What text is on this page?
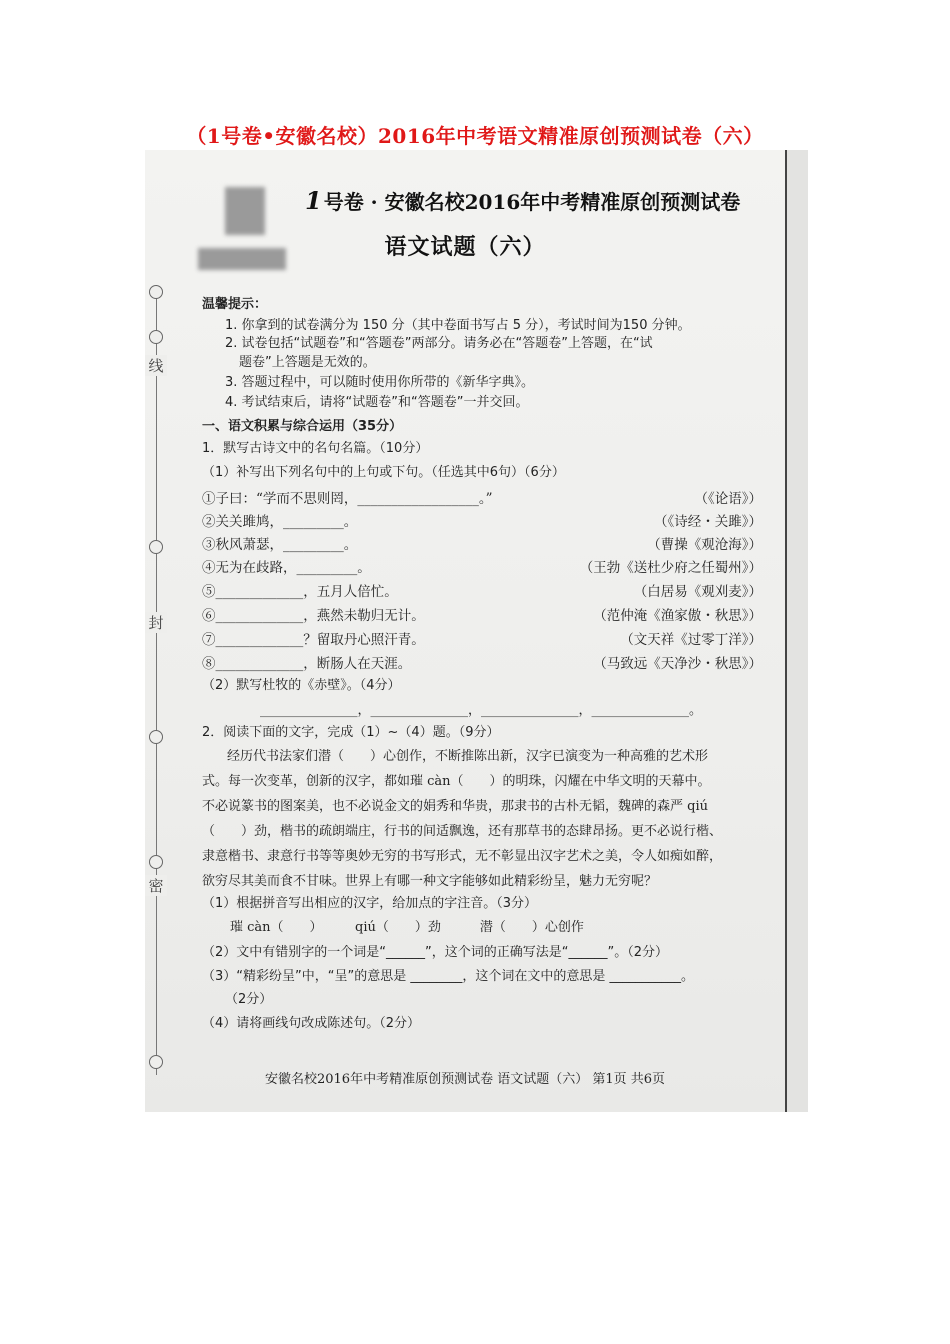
（1号卷•安徽名校）2016年中考语文精准原创预测试卷（六）
线
封
密
1 号卷 · 安徽名校2016年中考精准原创预测试卷
语文试题（六）
温馨提示：
1. 你拿到的试卷满分为 150 分（其中卷面书写占 5 分），考试时间为150 分钟。
2. 试卷包括“试题卷”和“答题卷”两部分。请务必在“答题卷”上答题，在“试
题卷”上答题是无效的。
3. 答题过程中，可以随时使用你所带的《新华字典》。
4. 考试结束后，请将“试题卷”和“答题卷”一并交回。
一、语文积累与综合运用（35分）
1．默写古诗文中的名句名篇。（10分）
（1）补写出下列名句中的上句或下句。（任选其中6句）（6分）
①子曰：“学而不思则罔，__________________。”	（《论语》）
②关关雎鸠，_________。	（《诗经・关雎》）
③秋风萧瑟，_________。	（曹操《观沧海》）
④无为在歧路，_________。	（王勃《送杜少府之任蜀州》）
⑤_____________，五月人倍忙。	（白居易《观刈麦》）
⑥_____________，燕然未勒归无计。	（范仲淹《渔家傲・秋思》）
⑦_____________？留取丹心照汗青。	（文天祥《过零丁洋》）
⑧_____________，断肠人在天涯。	（马致远《天净沙・秋思》）
（2）默写杜牧的《赤壁》。（4分）
_______________，_______________，_______________，_______________。
2．阅读下面的文字，完成（1）~（4）题。（9分）
经历代书法家们潜（　　）心创作，不断推陈出新，汉字已演变为一种高雅的艺术形
式。每一次变革，创新的汉字，都如璀 càn（　　）的明珠，闪耀在中华文明的天幕中。
不必说篆书的图案美，也不必说金文的娟秀和华贵，那隶书的古朴无韬，魏碑的森严 qiú
（　　）劲，楷书的疏朗端庄，行书的间适飘逸，还有那草书的态肆昂扬。更不必说行楷、
隶意楷书、隶意行书等等奥妙无穷的书写形式，无不彰显出汉字艺术之美，令人如痴如醉，
欲穷尽其美而食不甘味。世界上有哪一种文字能够如此精彩纷呈，魅力无穷呢？
（1）根据拼音写出相应的汉字，给加点的字注音。（3分）
璀 càn（　　）　　　qiú（　　）劲　　　潜（　　）心创作
（2）文中有错别字的一个词是“______”，这个词的正确写法是“______”。（2分）
（3）“精彩纷呈”中，“呈”的意思是 ________，这个词在文中的意思是 ___________。
（2分）
（4）请将画线句改成陈述句。（2分）
安徽名校2016年中考精准原创预测试卷 语文试题（六） 第1页 共6页
